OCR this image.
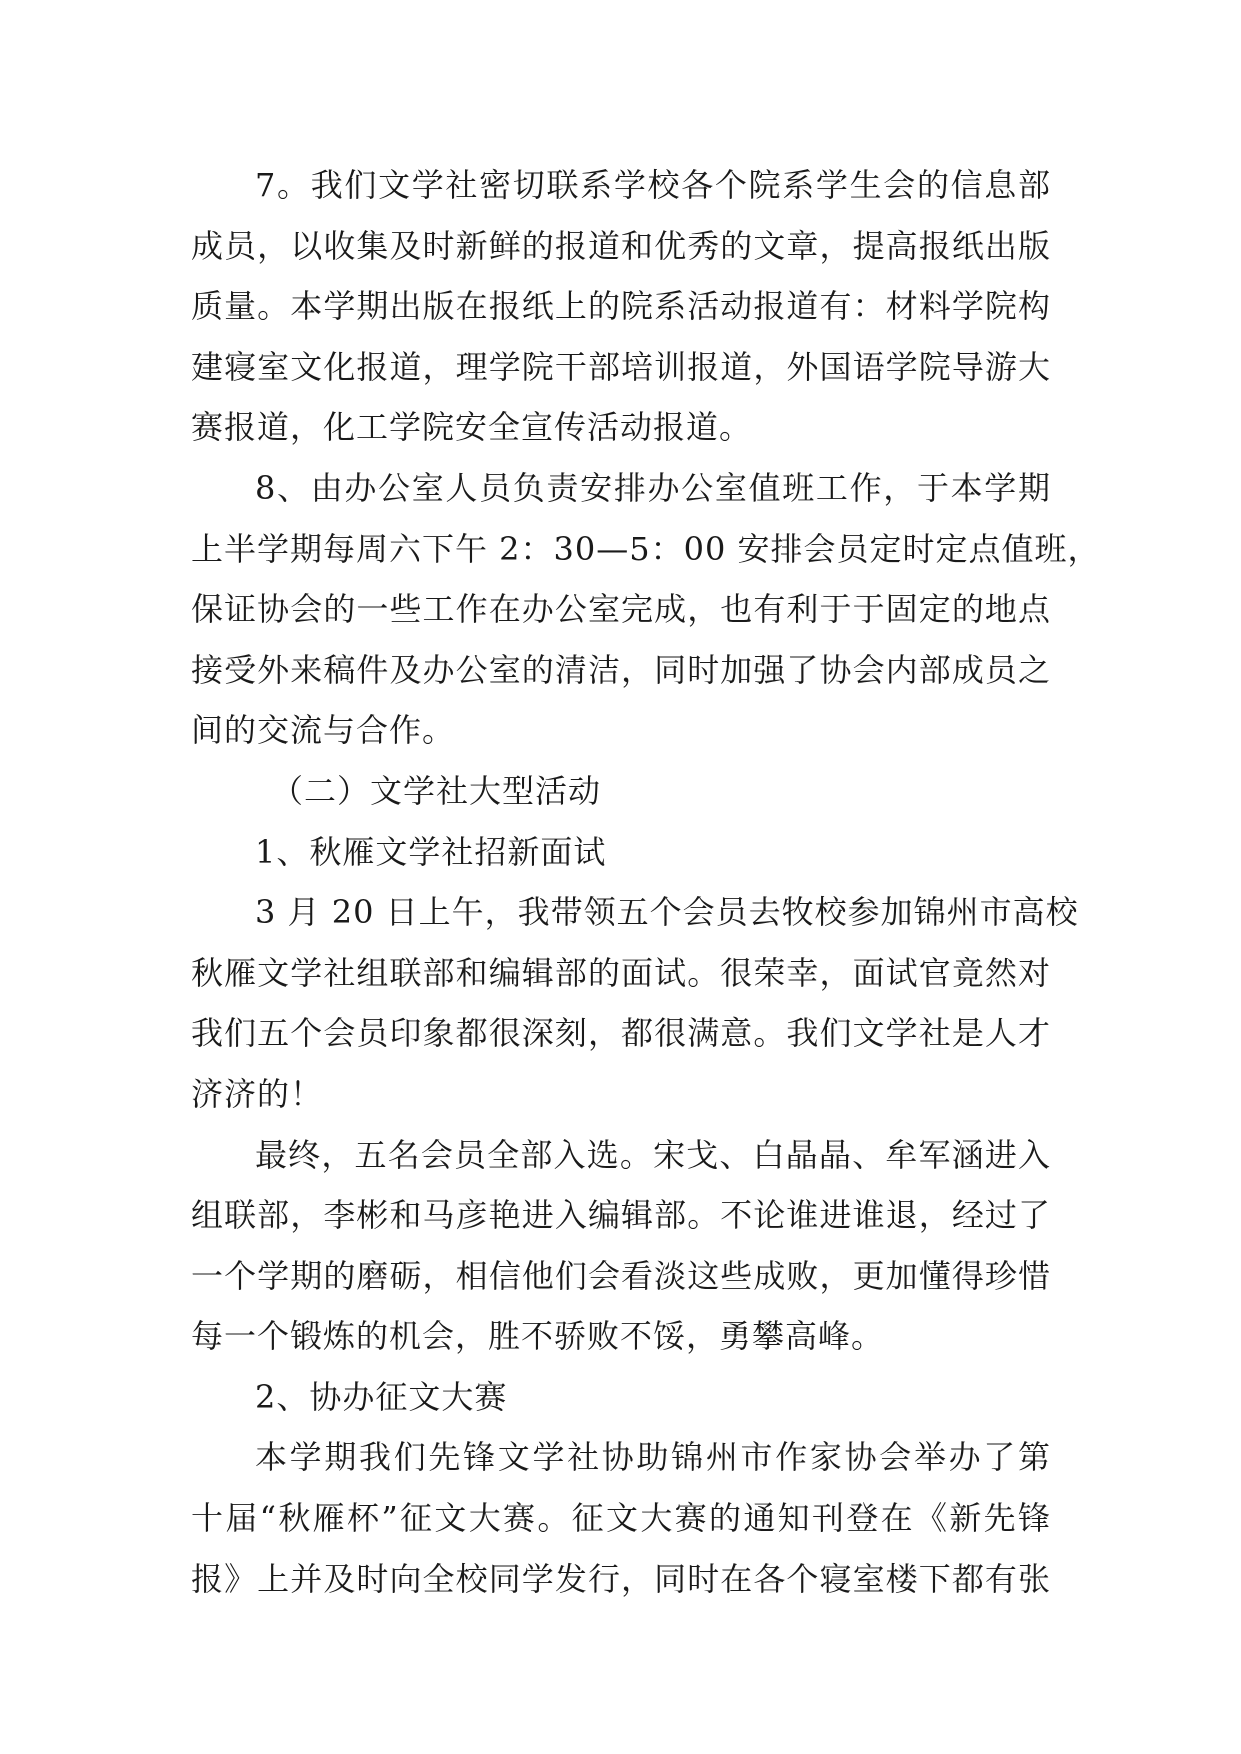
7。我们文学社密切联系学校各个院系学生会的信息部
成员，以收集及时新鲜的报道和优秀的文章，提高报纸出版
质量。本学期出版在报纸上的院系活动报道有：材料学院构
建寝室文化报道，理学院干部培训报道，外国语学院导游大
赛报道，化工学院安全宣传活动报道。
8、由办公室人员负责安排办公室值班工作，于本学期
上半学期每周六下午 2：30—5：00 安排会员定时定点值班，
保证协会的一些工作在办公室完成，也有利于于固定的地点
接受外来稿件及办公室的清洁，同时加强了协会内部成员之
间的交流与合作。
（二）文学社大型活动
1、秋雁文学社招新面试
3 月 20 日上午，我带领五个会员去牧校参加锦州市高校
秋雁文学社组联部和编辑部的面试。很荣幸，面试官竟然对
我们五个会员印象都很深刻，都很满意。我们文学社是人才
济济的！
最终，五名会员全部入选。宋戈、白晶晶、牟军涵进入
组联部，李彬和马彦艳进入编辑部。不论谁进谁退，经过了
一个学期的磨砺，相信他们会看淡这些成败，更加懂得珍惜
每一个锻炼的机会，胜不骄败不馁，勇攀高峰。
2、协办征文大赛
本学期我们先锋文学社协助锦州市作家协会举办了第
十届“秋雁杯”征文大赛。征文大赛的通知刊登在《新先锋
报》上并及时向全校同学发行，同时在各个寝室楼下都有张
